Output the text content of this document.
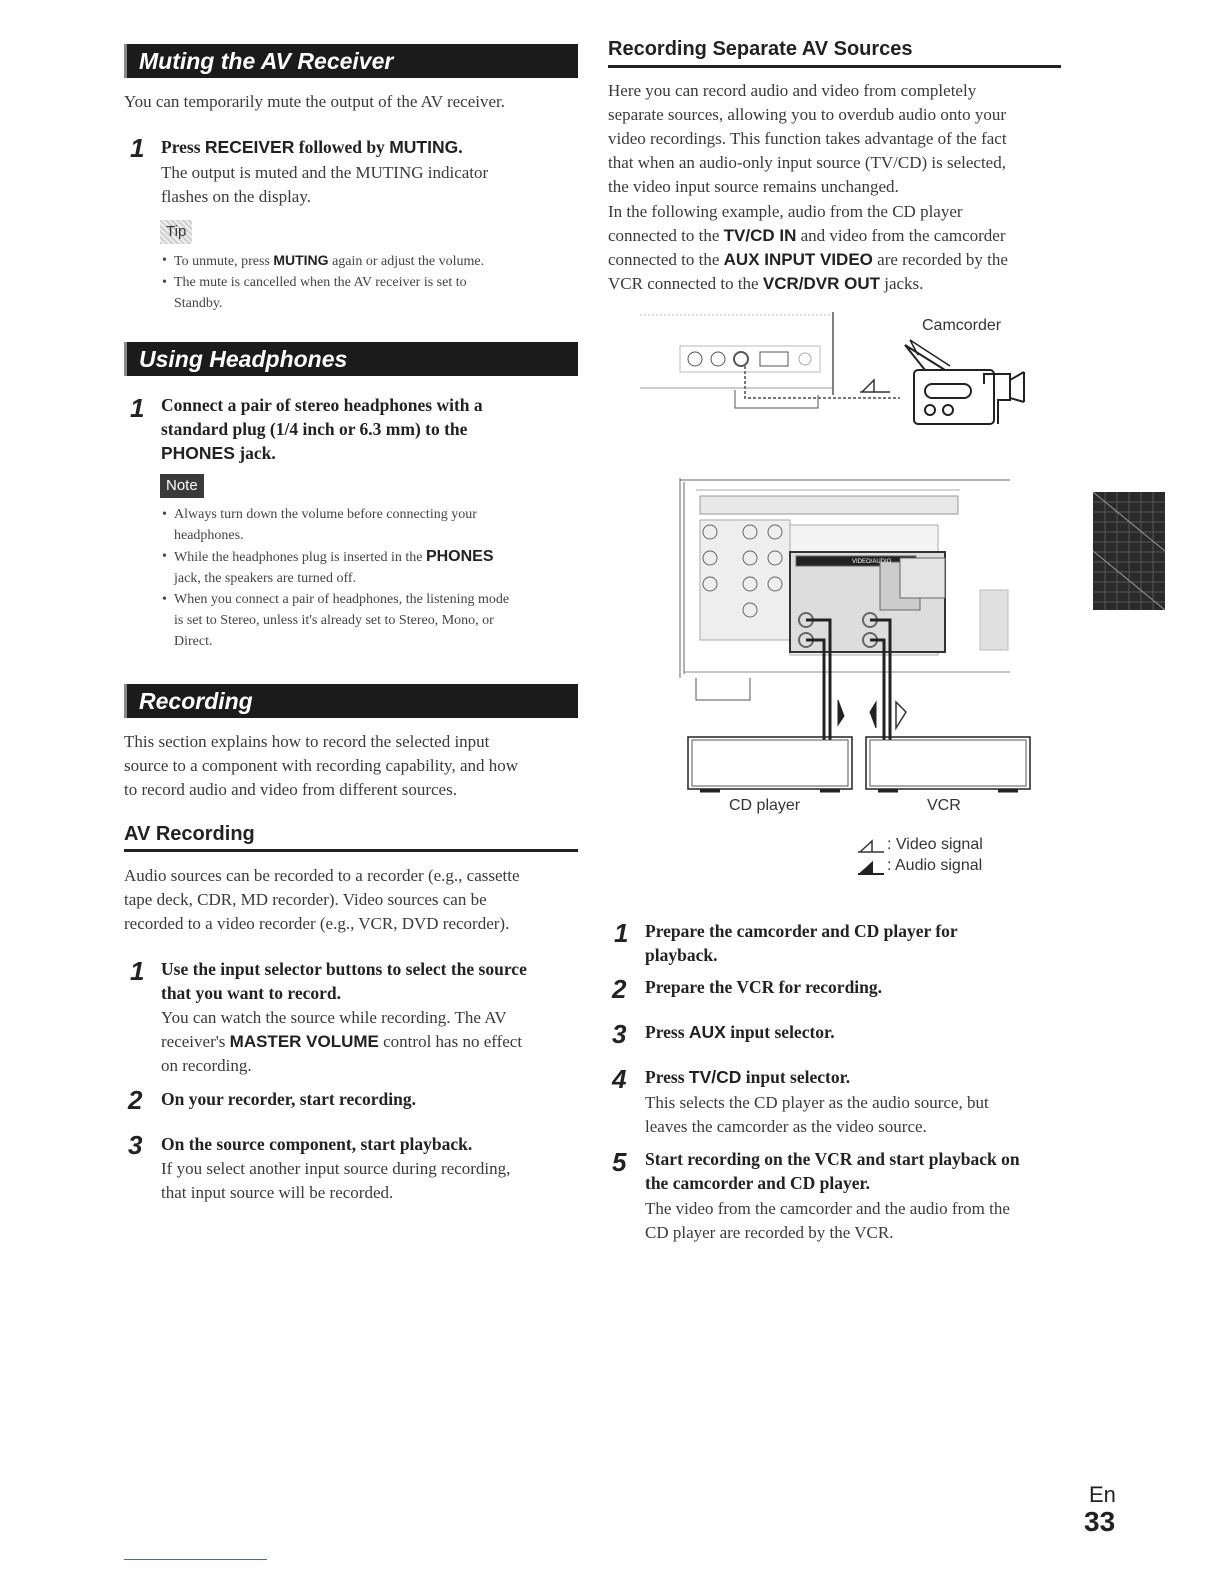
Muting the AV Receiver
You can temporarily mute the output of the AV receiver.
1 Press RECEIVER followed by MUTING.
The output is muted and the MUTING indicator
flashes on the display.
Tip
• To unmute, press MUTING again or adjust the volume.
• The mute is cancelled when the AV receiver is set to
Standby.
Using Headphones
1 Connect a pair of stereo headphones with a
standard plug (1/4 inch or 6.3 mm) to the
PHONES jack.
Note
• Always turn down the volume before connecting your
headphones.
• While the headphones plug is inserted in the PHONES
jack, the speakers are turned off.
• When you connect a pair of headphones, the listening mode
is set to Stereo, unless it's already set to Stereo, Mono, or
Direct.
Recording
This section explains how to record the selected input
source to a component with recording capability, and how
to record audio and video from different sources.
AV Recording
Audio sources can be recorded to a recorder (e.g., cassette
tape deck, CDR, MD recorder). Video sources can be
recorded to a video recorder (e.g., VCR, DVD recorder).
1 Use the input selector buttons to select the source
that you want to record.
You can watch the source while recording. The AV
receiver's MASTER VOLUME control has no effect
on recording.
2 On your recorder, start recording.
3 On the source component, start playback.
If you select another input source during recording,
that input source will be recorded.
Recording Separate AV Sources
Here you can record audio and video from completely
separate sources, allowing you to overdub audio onto your
video recordings. This function takes advantage of the fact
that when an audio-only input source (TV/CD) is selected,
the video input source remains unchanged.
In the following example, audio from the CD player
connected to the TV/CD IN and video from the camcorder
connected to the AUX INPUT VIDEO are recorded by the
VCR connected to the VCR/DVR OUT jacks.
VIDEO/AUDIO
Camcorder
CD player	VCR
: Video signal
: Audio signal
1 Prepare the camcorder and CD player for
playback.
2 Prepare the VCR for recording.
3 Press AUX input selector.
4 Press TV/CD input selector.
This selects the CD player as the audio source, but
leaves the camcorder as the video source.
5 Start recording on the VCR and start playback on
the camcorder and CD player.
The video from the camcorder and the audio from the
CD player are recorded by the VCR.
En
33
